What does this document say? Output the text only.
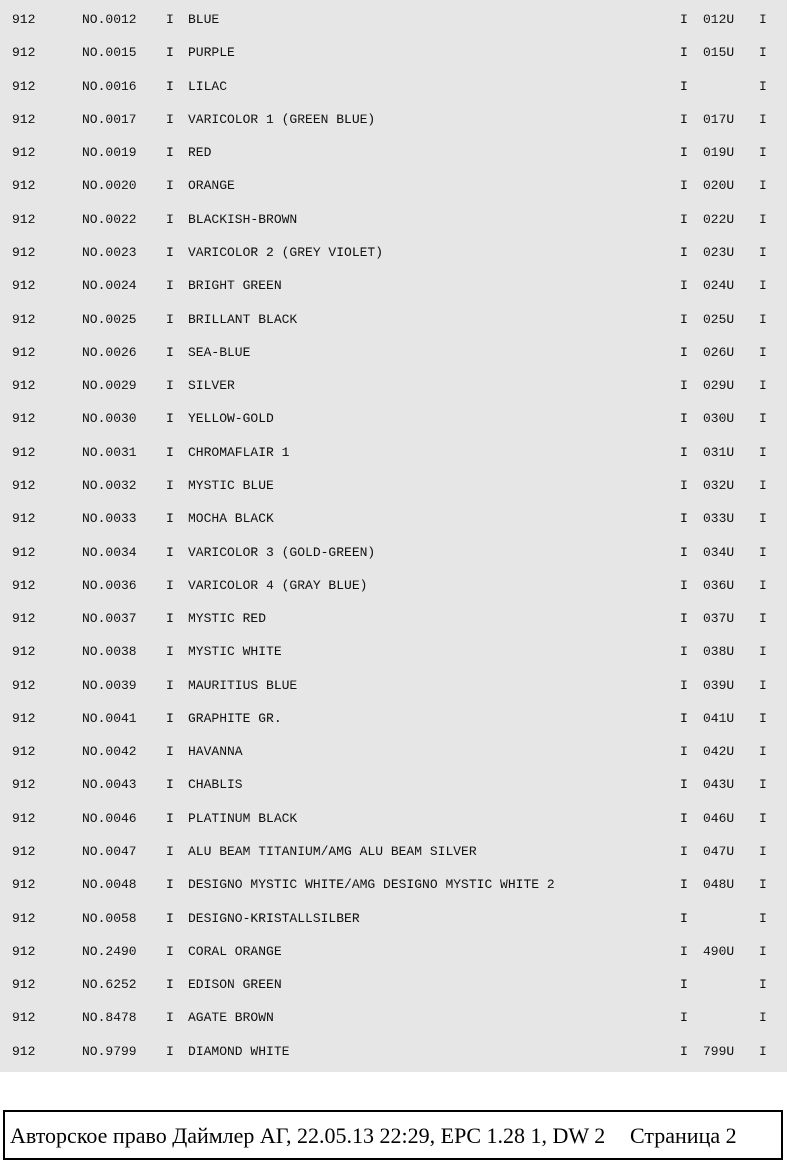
912	NO.0012 I BLUE	I 012U I
912	NO.0015 I PURPLE	I 015U I
912	NO.0016 I LILAC	I	I
912	NO.0017 I VARICOLOR 1 (GREEN BLUE)	I 017U I
912	NO.0019 I RED	I 019U I
912	NO.0020 I ORANGE	I 020U I
912	NO.0022 I BLACKISH-BROWN	I 022U I
912	NO.0023 I VARICOLOR 2 (GREY VIOLET)	I 023U I
912	NO.0024 I BRIGHT GREEN	I 024U I
912	NO.0025 I BRILLANT BLACK	I 025U I
912	NO.0026 I SEA-BLUE	I 026U I
912	NO.0029 I SILVER	I 029U I
912	NO.0030 I YELLOW-GOLD	I 030U I
912	NO.0031 I CHROMAFLAIR 1	I 031U I
912	NO.0032 I MYSTIC BLUE	I 032U I
912	NO.0033 I MOCHA BLACK	I 033U I
912	NO.0034 I VARICOLOR 3 (GOLD-GREEN)	I 034U I
912	NO.0036 I VARICOLOR 4 (GRAY BLUE)	I 036U I
912	NO.0037 I MYSTIC RED	I 037U I
912	NO.0038 I MYSTIC WHITE	I 038U I
912	NO.0039 I MAURITIUS BLUE	I 039U I
912	NO.0041 I GRAPHITE GR.	I 041U I
912	NO.0042 I HAVANNA	I 042U I
912	NO.0043 I CHABLIS	I 043U I
912	NO.0046 I PLATINUM BLACK	I 046U I
912	NO.0047 I ALU BEAM TITANIUM/AMG ALU BEAM SILVER	I 047U I
912	NO.0048 I DESIGNO MYSTIC WHITE/AMG DESIGNO MYSTIC WHITE 2	I 048U I
912	NO.0058 I DESIGNO-KRISTALLSILBER	I	I
912	NO.2490 I CORAL ORANGE	I 490U I
912	NO.6252 I EDISON GREEN	I	I
912	NO.8478 I AGATE BROWN	I	I
912	NO.9799 I DIAMOND WHITE	I 799U I
Авторское право Даймлер АГ, 22.05.13 22:29, EPC 1.28 1, DW 2 Страница 2
